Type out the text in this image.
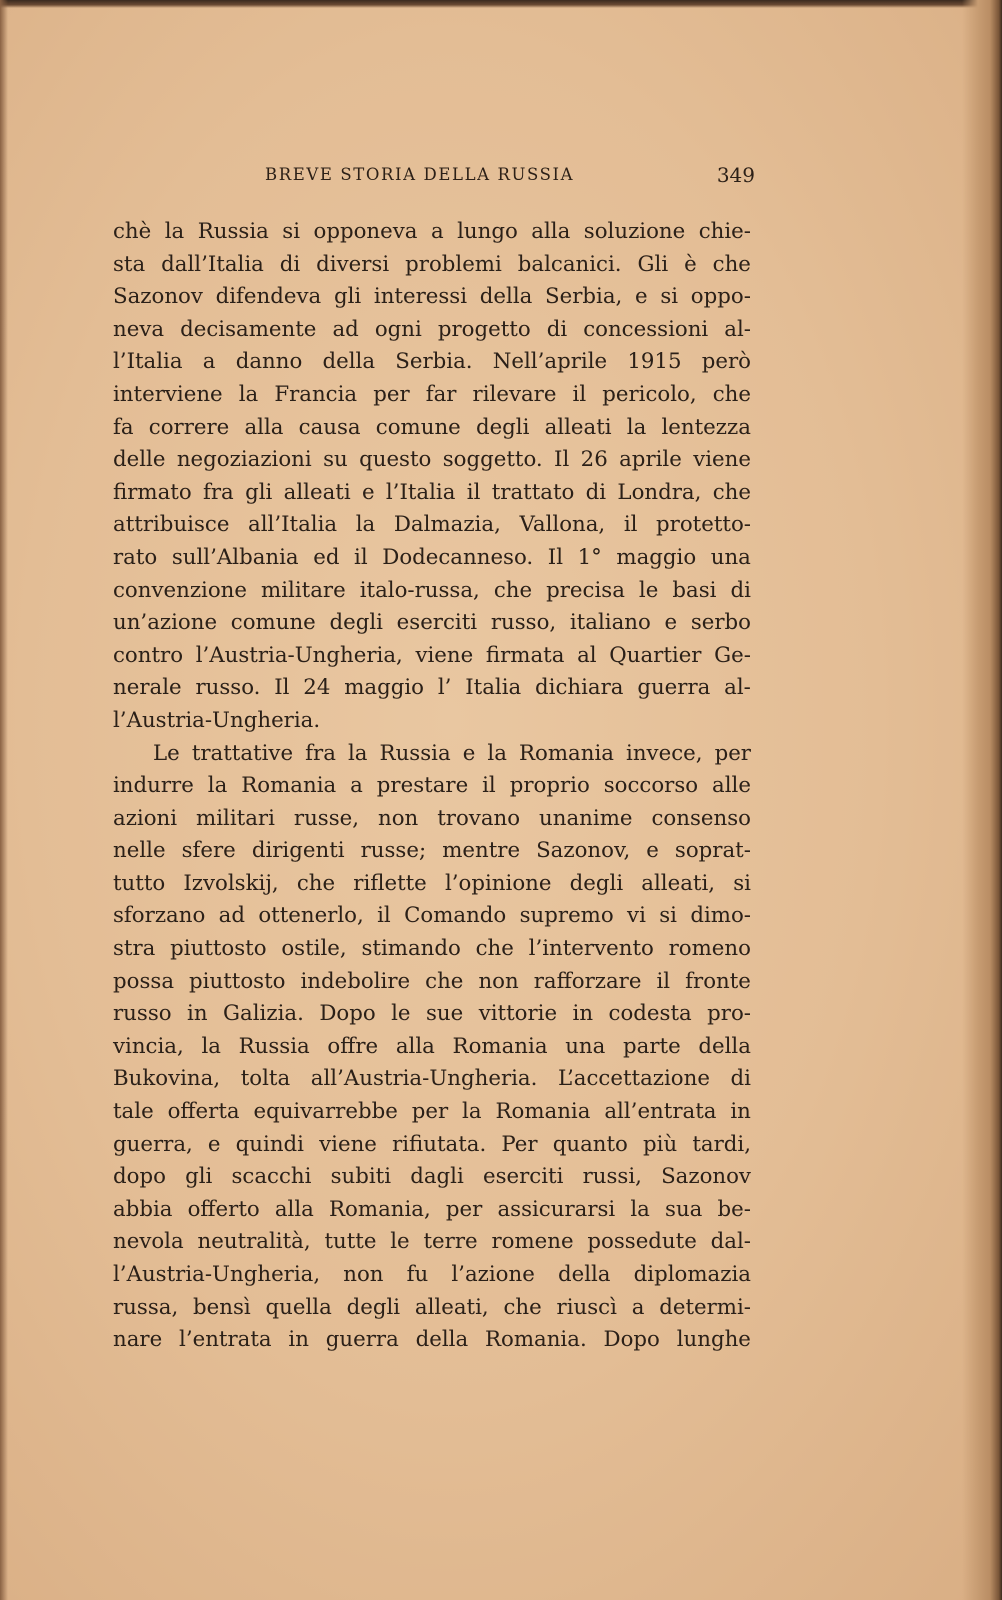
BREVE STORIA DELLA RUSSIA	349
chè la Russia si opponeva a lungo alla soluzione chie-
sta dall’Italia di diversi problemi balcanici. Gli è che
Sazonov difendeva gli interessi della Serbia, e si oppo-
neva decisamente ad ogni progetto di concessioni al-
l’Italia a danno della Serbia. Nell’aprile 1915 però
interviene la Francia per far rilevare il pericolo, che
fa correre alla causa comune degli alleati la lentezza
delle negoziazioni su questo soggetto. Il 26 aprile viene
firmato fra gli alleati e l’Italia il trattato di Londra, che
attribuisce all’Italia la Dalmazia, Vallona, il protetto-
rato sull’Albania ed il Dodecanneso. Il 1° maggio una
convenzione militare italo-russa, che precisa le basi di
un’azione comune degli eserciti russo, italiano e serbo
contro l’Austria-Ungheria, viene firmata al Quartier Ge-
nerale russo. Il 24 maggio l’ Italia dichiara guerra al-
l’Austria-Ungheria.
Le trattative fra la Russia e la Romania invece, per
indurre la Romania a prestare il proprio soccorso alle
azioni militari russe, non trovano unanime consenso
nelle sfere dirigenti russe; mentre Sazonov, e soprat-
tutto Izvolskij, che riflette l’opinione degli alleati, si
sforzano ad ottenerlo, il Comando supremo vi si dimo-
stra piuttosto ostile, stimando che l’intervento romeno
possa piuttosto indebolire che non rafforzare il fronte
russo in Galizia. Dopo le sue vittorie in codesta pro-
vincia, la Russia offre alla Romania una parte della
Bukovina, tolta all’Austria-Ungheria. L’accettazione di
tale offerta equivarrebbe per la Romania all’entrata in
guerra, e quindi viene rifiutata. Per quanto più tardi,
dopo gli scacchi subiti dagli eserciti russi, Sazonov
abbia offerto alla Romania, per assicurarsi la sua be-
nevola neutralità, tutte le terre romene possedute dal-
l’Austria-Ungheria, non fu l’azione della diplomazia
russa, bensì quella degli alleati, che riuscì a determi-
nare l’entrata in guerra della Romania. Dopo lunghe
